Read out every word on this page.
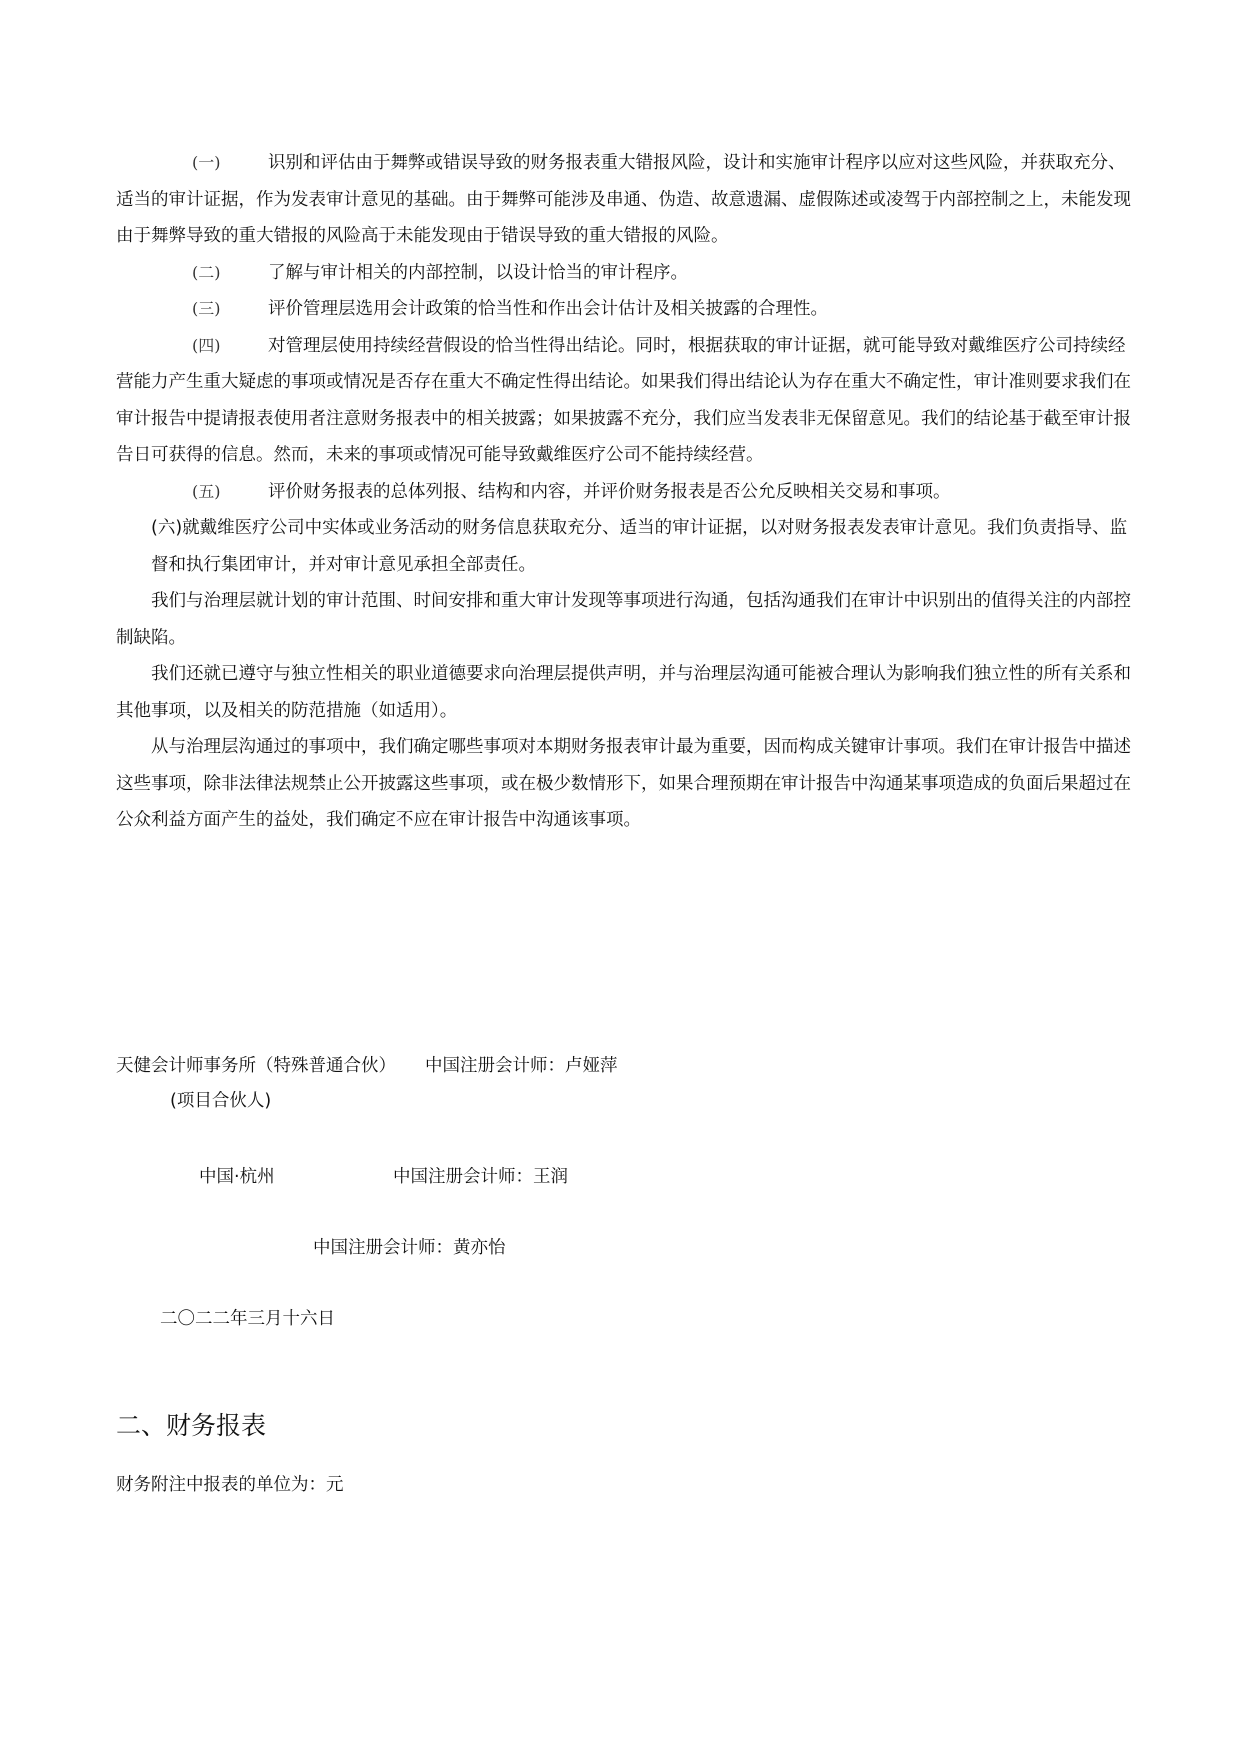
(一)	识别和评估由于舞弊或错误导致的财务报表重大错报风险，设计和实施审计程序以应对这些风险，并获取充分、适当的审计证据，作为发表审计意见的基础。由于舞弊可能涉及串通、伪造、故意遗漏、虚假陈述或凌驾于内部控制之上，未能发现由于舞弊导致的重大错报的风险高于未能发现由于错误导致的重大错报的风险。

(二)	了解与审计相关的内部控制，以设计恰当的审计程序。

(三)	评价管理层选用会计政策的恰当性和作出会计估计及相关披露的合理性。

(四)	对管理层使用持续经营假设的恰当性得出结论。同时，根据获取的审计证据，就可能导致对戴维医疗公司持续经营能力产生重大疑虑的事项或情况是否存在重大不确定性得出结论。如果我们得出结论认为存在重大不确定性，审计准则要求我们在审计报告中提请报表使用者注意财务报表中的相关披露；如果披露不充分，我们应当发表非无保留意见。我们的结论基于截至审计报告日可获得的信息。然而，未来的事项或情况可能导致戴维医疗公司不能持续经营。

(五)	评价财务报表的总体列报、结构和内容，并评价财务报表是否公允反映相关交易和事项。

(六)就戴维医疗公司中实体或业务活动的财务信息获取充分、适当的审计证据，以对财务报表发表审计意见。我们负责指导、监督和执行集团审计，并对审计意见承担全部责任。

我们与治理层就计划的审计范围、时间安排和重大审计发现等事项进行沟通，包括沟通我们在审计中识别出的值得关注的内部控制缺陷。

我们还就已遵守与独立性相关的职业道德要求向治理层提供声明，并与治理层沟通可能被合理认为影响我们独立性的所有关系和其他事项，以及相关的防范措施（如适用）。

从与治理层沟通过的事项中，我们确定哪些事项对本期财务报表审计最为重要，因而构成关键审计事项。我们在审计报告中描述这些事项，除非法律法规禁止公开披露这些事项，或在极少数情形下，如果合理预期在审计报告中沟通某事项造成的负面后果超过在公众利益方面产生的益处，我们确定不应在审计报告中沟通该事项。

天健会计师事务所（特殊普通合伙） 中国注册会计师：卢娅萍
(项目合伙人)
中国·杭州	中国注册会计师：王润
中国注册会计师：黄亦怡
二〇二二年三月十六日
二、财务报表
财务附注中报表的单位为：元
